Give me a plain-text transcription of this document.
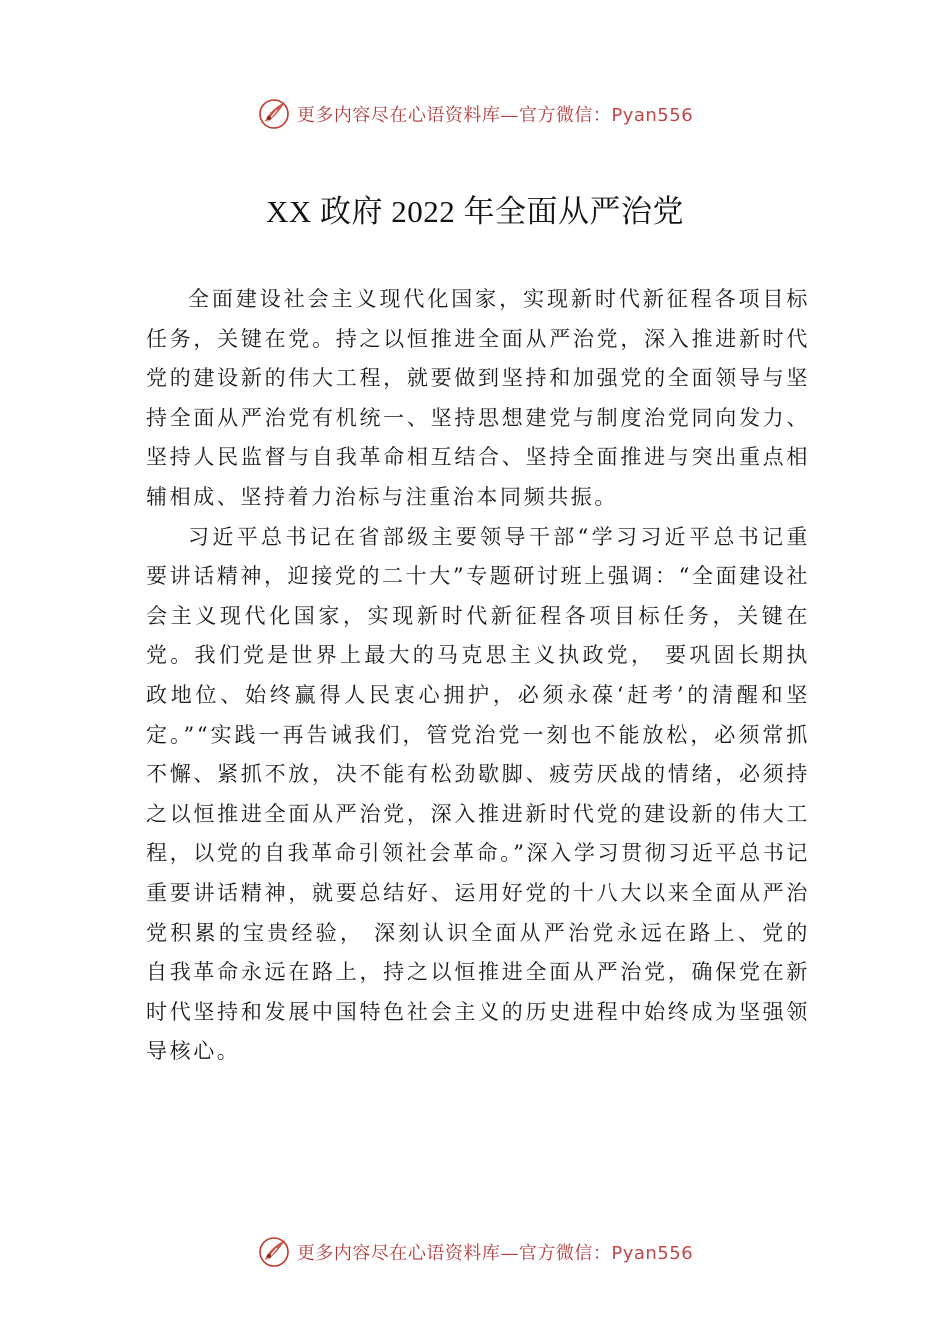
更多内容尽在心语资料库—官方微信：Pyan556
XX 政府 2022 年全面从严治党

全面建设社会主义现代化国家，实现新时代新征程各项目标任务，关键在党。持之以恒推进全面从严治党，深入推进新时代党的建设新的伟大工程，就要做到坚持和加强党的全面领导与坚持全面从严治党有机统一、坚持思想建党与制度治党同向发力、坚持人民监督与自我革命相互结合、坚持全面推进与突出重点相辅相成、坚持着力治标与注重治本同频共振。

习近平总书记在省部级主要领导干部“学习习近平总书记重要讲话精神，迎接党的二十大”专题研讨班上强调：“全面建设社会主义现代化国家，实现新时代新征程各项目标任务，关键在党。我们党是世界上最大的马克思主义执政党， 要巩固长期执政地位、始终赢得人民衷心拥护，必须永葆‘赶考’的清醒和坚定。”“实践一再告诫我们，管党治党一刻也不能放松，必须常抓不懈、紧抓不放，决不能有松劲歇脚、疲劳厌战的情绪，必须持之以恒推进全面从严治党，深入推进新时代党的建设新的伟大工程，以党的自我革命引领社会革命。”深入学习贯彻习近平总书记重要讲话精神，就要总结好、运用好党的十八大以来全面从严治党积累的宝贵经验， 深刻认识全面从严治党永远在路上、党的自我革命永远在路上，持之以恒推进全面从严治党，确保党在新时代坚持和发展中国特色社会主义的历史进程中始终成为坚强领导核心。

更多内容尽在心语资料库—官方微信：Pyan556
